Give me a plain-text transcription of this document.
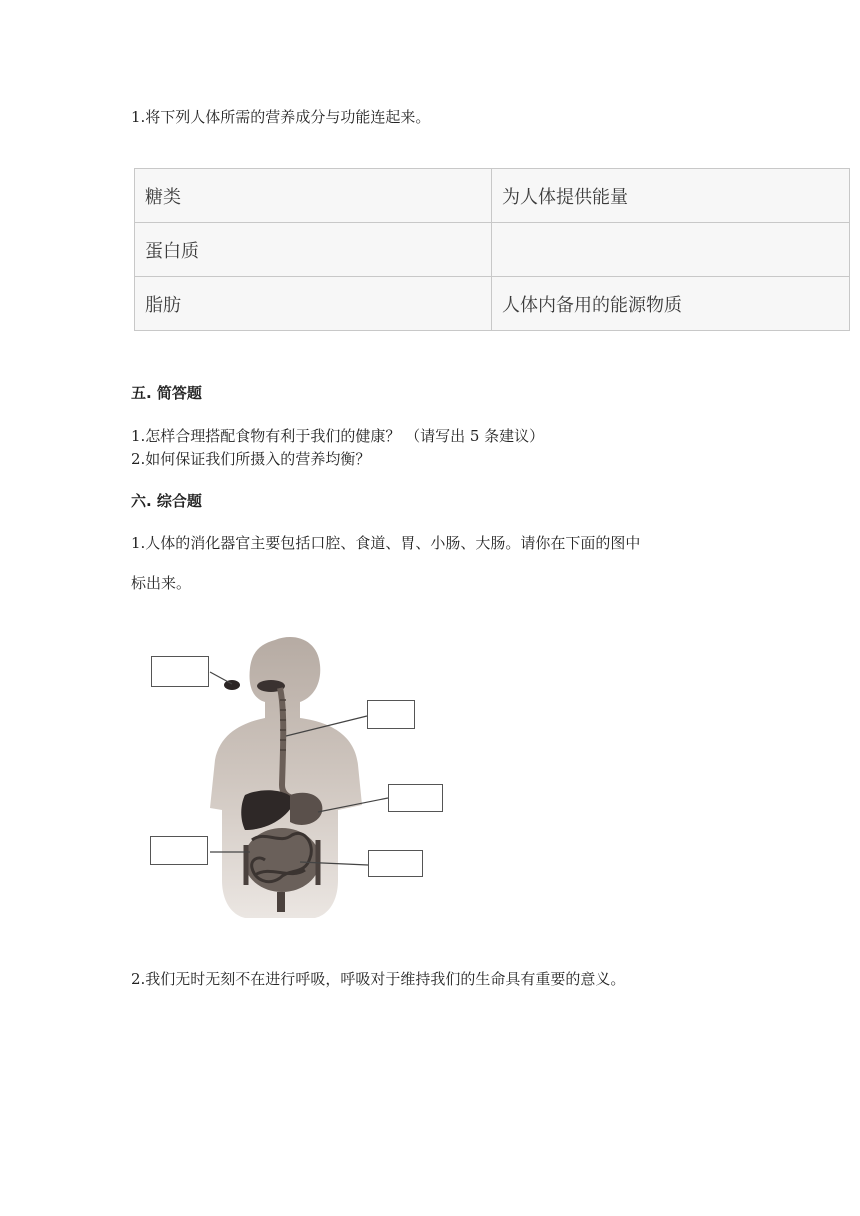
1.将下列人体所需的营养成分与功能连起来。
糖类	为人体提供能量
蛋白质	
脂肪	人体内备用的能源物质
五. 简答题
1.怎样合理搭配食物有利于我们的健康？ （请写出 5 条建议）
2.如何保证我们所摄入的营养均衡？
六. 综合题
1.人体的消化器官主要包括口腔、食道、胃、小肠、大肠。请你在下面的图中
标出来。
2.我们无时无刻不在进行呼吸，呼吸对于维持我们的生命具有重要的意义。
